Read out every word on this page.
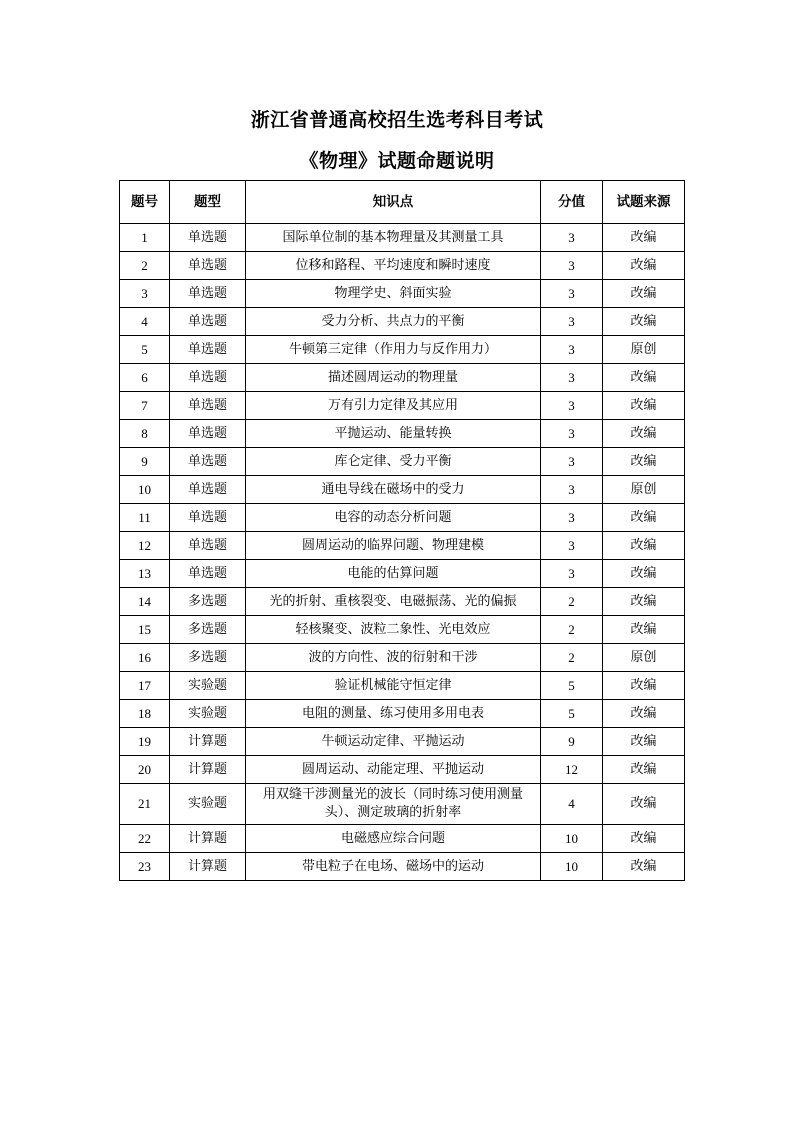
浙江省普通高校招生选考科目考试
《物理》试题命题说明
题号	题型	知识点	分值	试题来源
1	单选题	国际单位制的基本物理量及其测量工具	3	改编
2	单选题	位移和路程、平均速度和瞬时速度	3	改编
3	单选题	物理学史、斜面实验	3	改编
4	单选题	受力分析、共点力的平衡	3	改编
5	单选题	牛顿第三定律（作用力与反作用力）	3	原创
6	单选题	描述圆周运动的物理量	3	改编
7	单选题	万有引力定律及其应用	3	改编
8	单选题	平抛运动、能量转换	3	改编
9	单选题	库仑定律、受力平衡	3	改编
10	单选题	通电导线在磁场中的受力	3	原创
11	单选题	电容的动态分析问题	3	改编
12	单选题	圆周运动的临界问题、物理建模	3	改编
13	单选题	电能的估算问题	3	改编
14	多选题	光的折射、重核裂变、电磁振荡、光的偏振	2	改编
15	多选题	轻核聚变、波粒二象性、光电效应	2	改编
16	多选题	波的方向性、波的衍射和干涉	2	原创
17	实验题	验证机械能守恒定律	5	改编
18	实验题	电阻的测量、练习使用多用电表	5	改编
19	计算题	牛顿运动定律、平抛运动	9	改编
20	计算题	圆周运动、动能定理、平抛运动	12	改编
21	实验题	用双缝干涉测量光的波长（同时练习使用测量头）、测定玻璃的折射率	4	改编
22	计算题	电磁感应综合问题	10	改编
23	计算题	带电粒子在电场、磁场中的运动	10	改编
